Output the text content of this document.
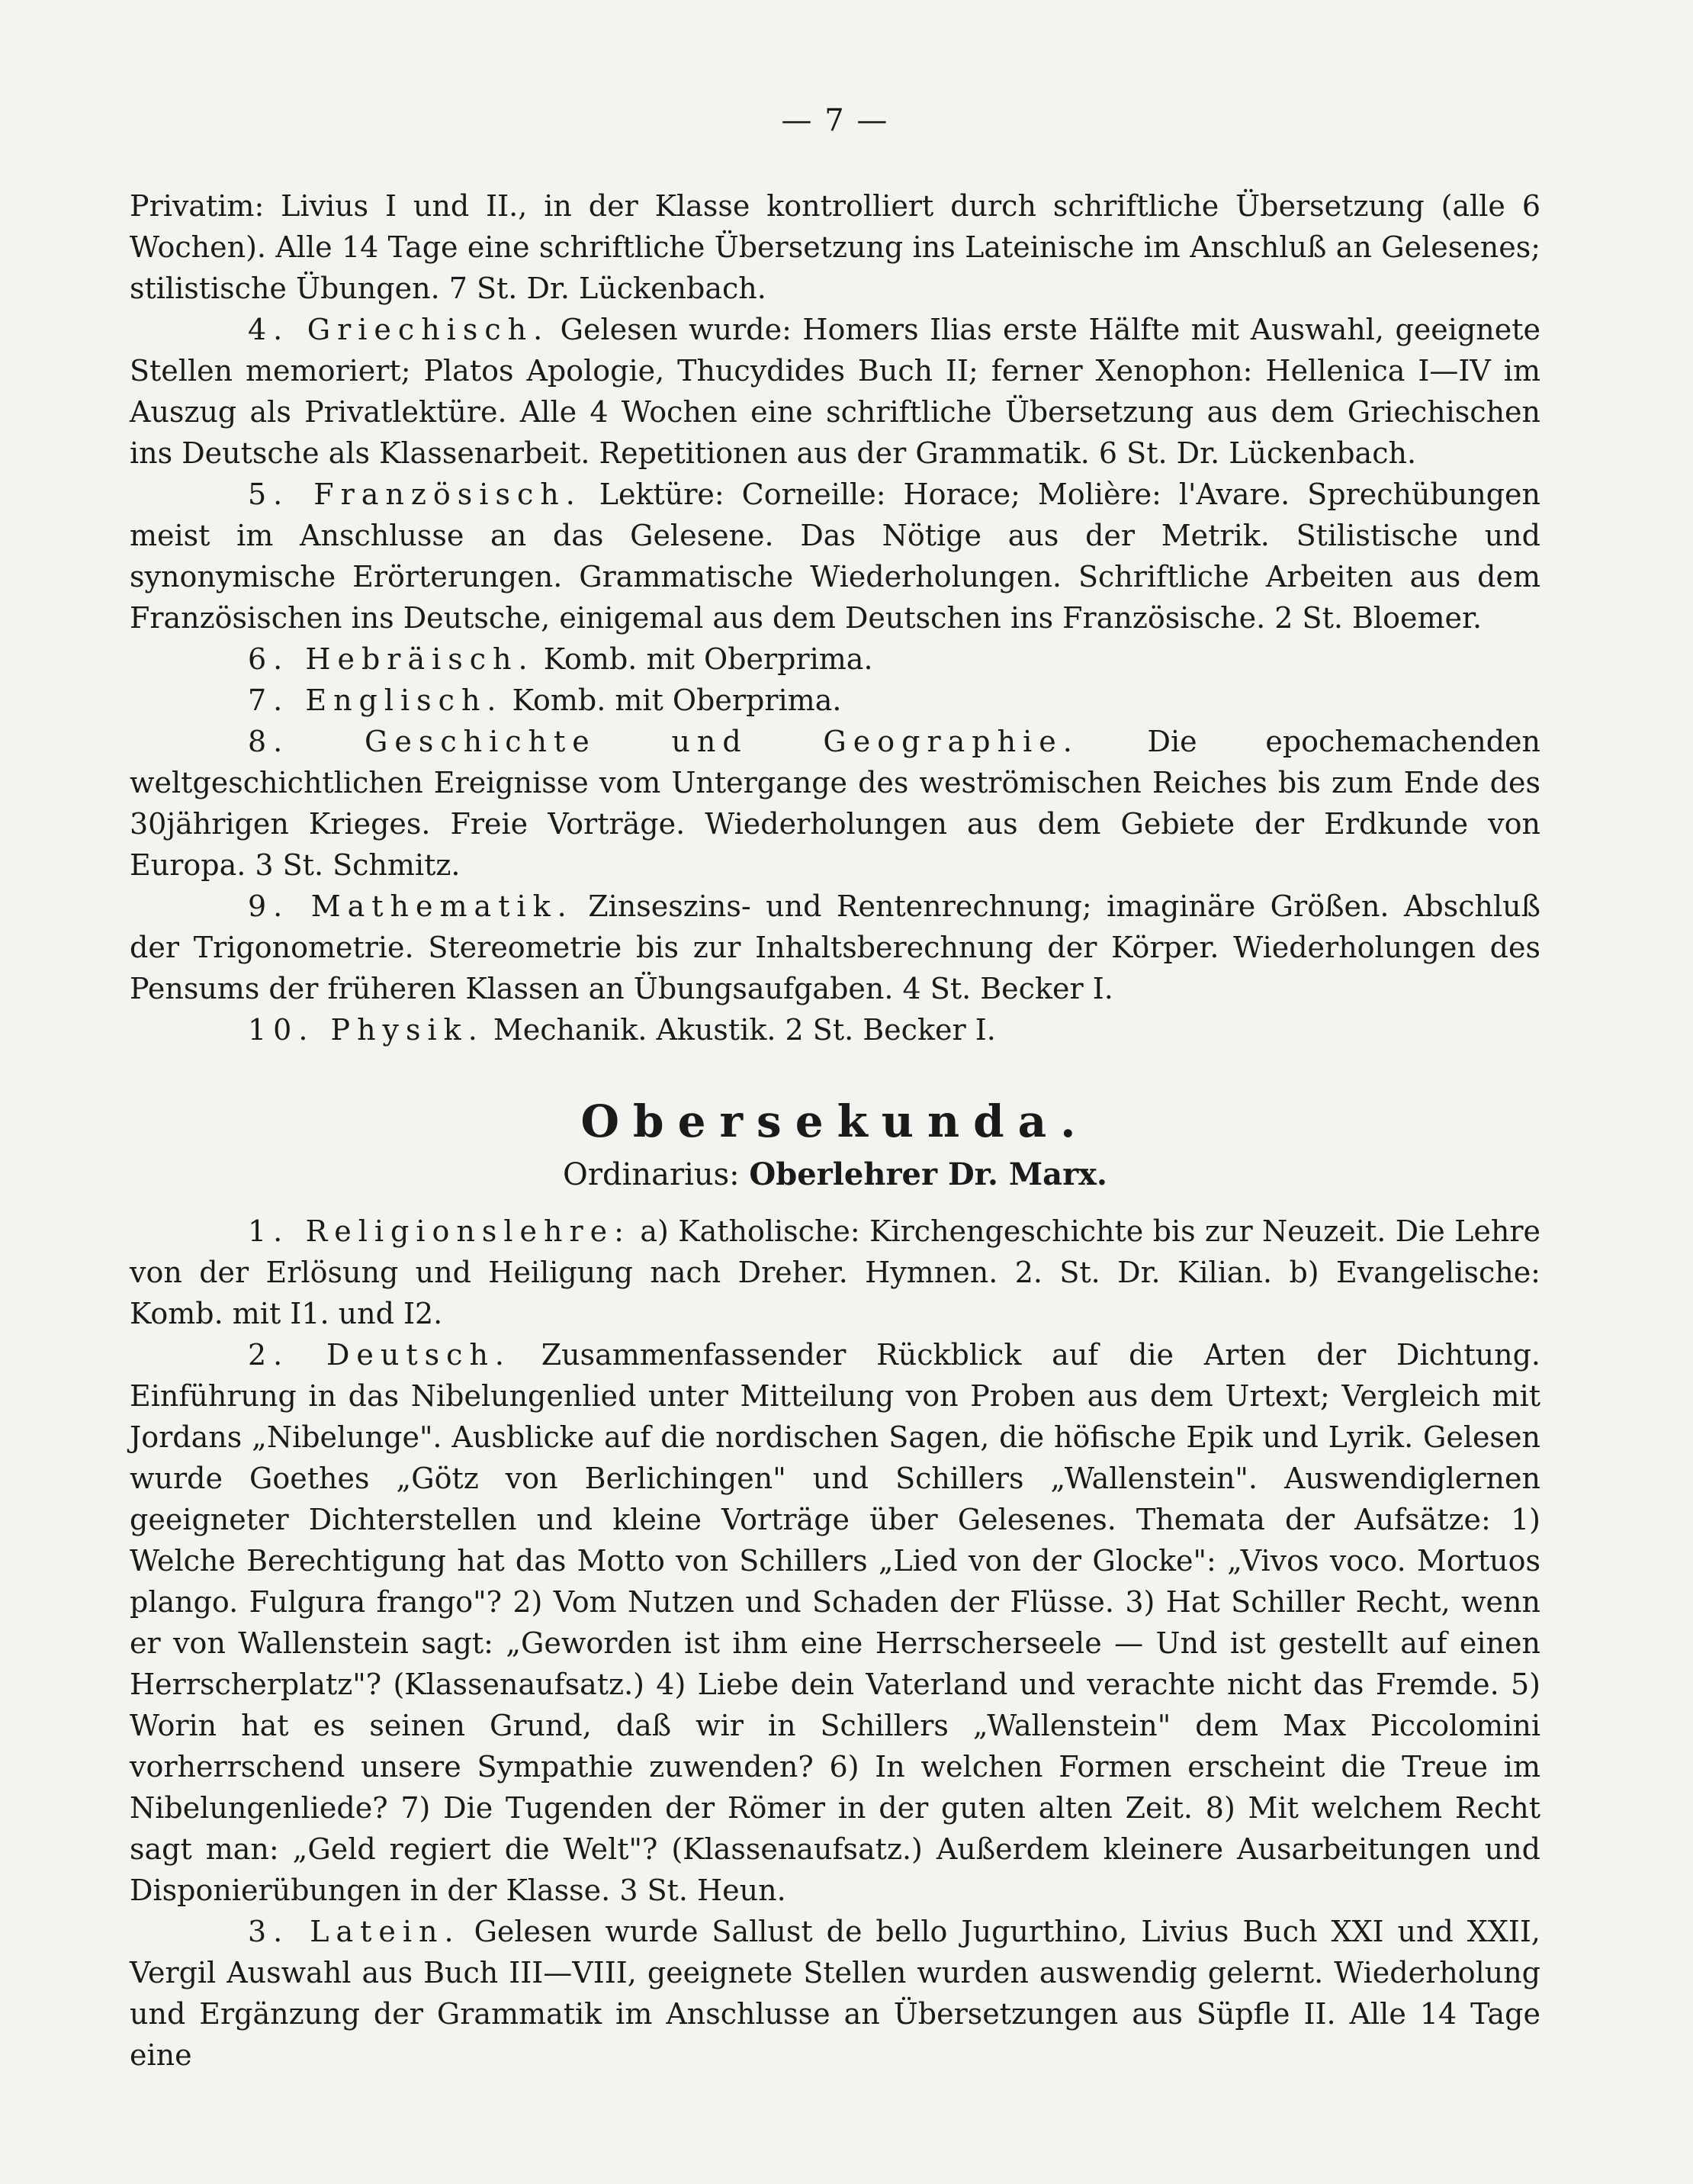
— 7 —

Privatim: Livius I und II., in der Klasse kontrolliert durch schriftliche Übersetzung (alle 6 Wochen). Alle 14 Tage eine schriftliche Übersetzung ins Lateinische im Anschluß an Gelesenes; stilistische Übungen. 7 St. Dr. Lückenbach.

4. Griechisch. Gelesen wurde: Homers Ilias erste Hälfte mit Auswahl, geeignete Stellen memoriert; Platos Apologie, Thucydides Buch II; ferner Xenophon: Hellenica I—IV im Auszug als Privatlektüre. Alle 4 Wochen eine schriftliche Übersetzung aus dem Griechischen ins Deutsche als Klassenarbeit. Repetitionen aus der Grammatik. 6 St. Dr. Lückenbach.

5. Französisch. Lektüre: Corneille: Horace; Molière: l'Avare. Sprechübungen meist im Anschlusse an das Gelesene. Das Nötige aus der Metrik. Stilistische und synonymische Erörterungen. Grammatische Wiederholungen. Schriftliche Arbeiten aus dem Französischen ins Deutsche, einigemal aus dem Deutschen ins Französische. 2 St. Bloemer.

6. Hebräisch. Komb. mit Oberprima.

7. Englisch. Komb. mit Oberprima.

8. Geschichte und Geographie. Die epochemachenden weltgeschichtlichen Ereignisse vom Untergange des weströmischen Reiches bis zum Ende des 30jährigen Krieges. Freie Vorträge. Wiederholungen aus dem Gebiete der Erdkunde von Europa. 3 St. Schmitz.

9. Mathematik. Zinseszins- und Rentenrechnung; imaginäre Größen. Abschluß der Trigonometrie. Stereometrie bis zur Inhaltsberechnung der Körper. Wiederholungen des Pensums der früheren Klassen an Übungsaufgaben. 4 St. Becker I.

10. Physik. Mechanik. Akustik. 2 St. Becker I.

Obersekunda.
Ordinarius: Oberlehrer Dr. Marx.

1. Religionslehre: a) Katholische: Kirchengeschichte bis zur Neuzeit. Die Lehre von der Erlösung und Heiligung nach Dreher. Hymnen. 2. St. Dr. Kilian. b) Evangelische: Komb. mit I1. und I2.

2. Deutsch. Zusammenfassender Rückblick auf die Arten der Dichtung. Einführung in das Nibelungenlied unter Mitteilung von Proben aus dem Urtext; Vergleich mit Jordans „Nibelunge". Ausblicke auf die nordischen Sagen, die höfische Epik und Lyrik. Gelesen wurde Goethes „Götz von Berlichingen" und Schillers „Wallenstein". Auswendiglernen geeigneter Dichterstellen und kleine Vorträge über Gelesenes. Themata der Aufsätze: 1) Welche Berechtigung hat das Motto von Schillers „Lied von der Glocke": „Vivos voco. Mortuos plango. Fulgura frango"? 2) Vom Nutzen und Schaden der Flüsse. 3) Hat Schiller Recht, wenn er von Wallenstein sagt: „Geworden ist ihm eine Herrscherseele — Und ist gestellt auf einen Herrscherplatz"? (Klassenaufsatz.) 4) Liebe dein Vaterland und verachte nicht das Fremde. 5) Worin hat es seinen Grund, daß wir in Schillers „Wallenstein" dem Max Piccolomini vorherrschend unsere Sympathie zuwenden? 6) In welchen Formen erscheint die Treue im Nibelungenliede? 7) Die Tugenden der Römer in der guten alten Zeit. 8) Mit welchem Recht sagt man: „Geld regiert die Welt"? (Klassenaufsatz.) Außerdem kleinere Ausarbeitungen und Disponierübungen in der Klasse. 3 St. Heun.

3. Latein. Gelesen wurde Sallust de bello Jugurthino, Livius Buch XXI und XXII, Vergil Auswahl aus Buch III—VIII, geeignete Stellen wurden auswendig gelernt. Wiederholung und Ergänzung der Grammatik im Anschlusse an Übersetzungen aus Süpfle II. Alle 14 Tage eine
